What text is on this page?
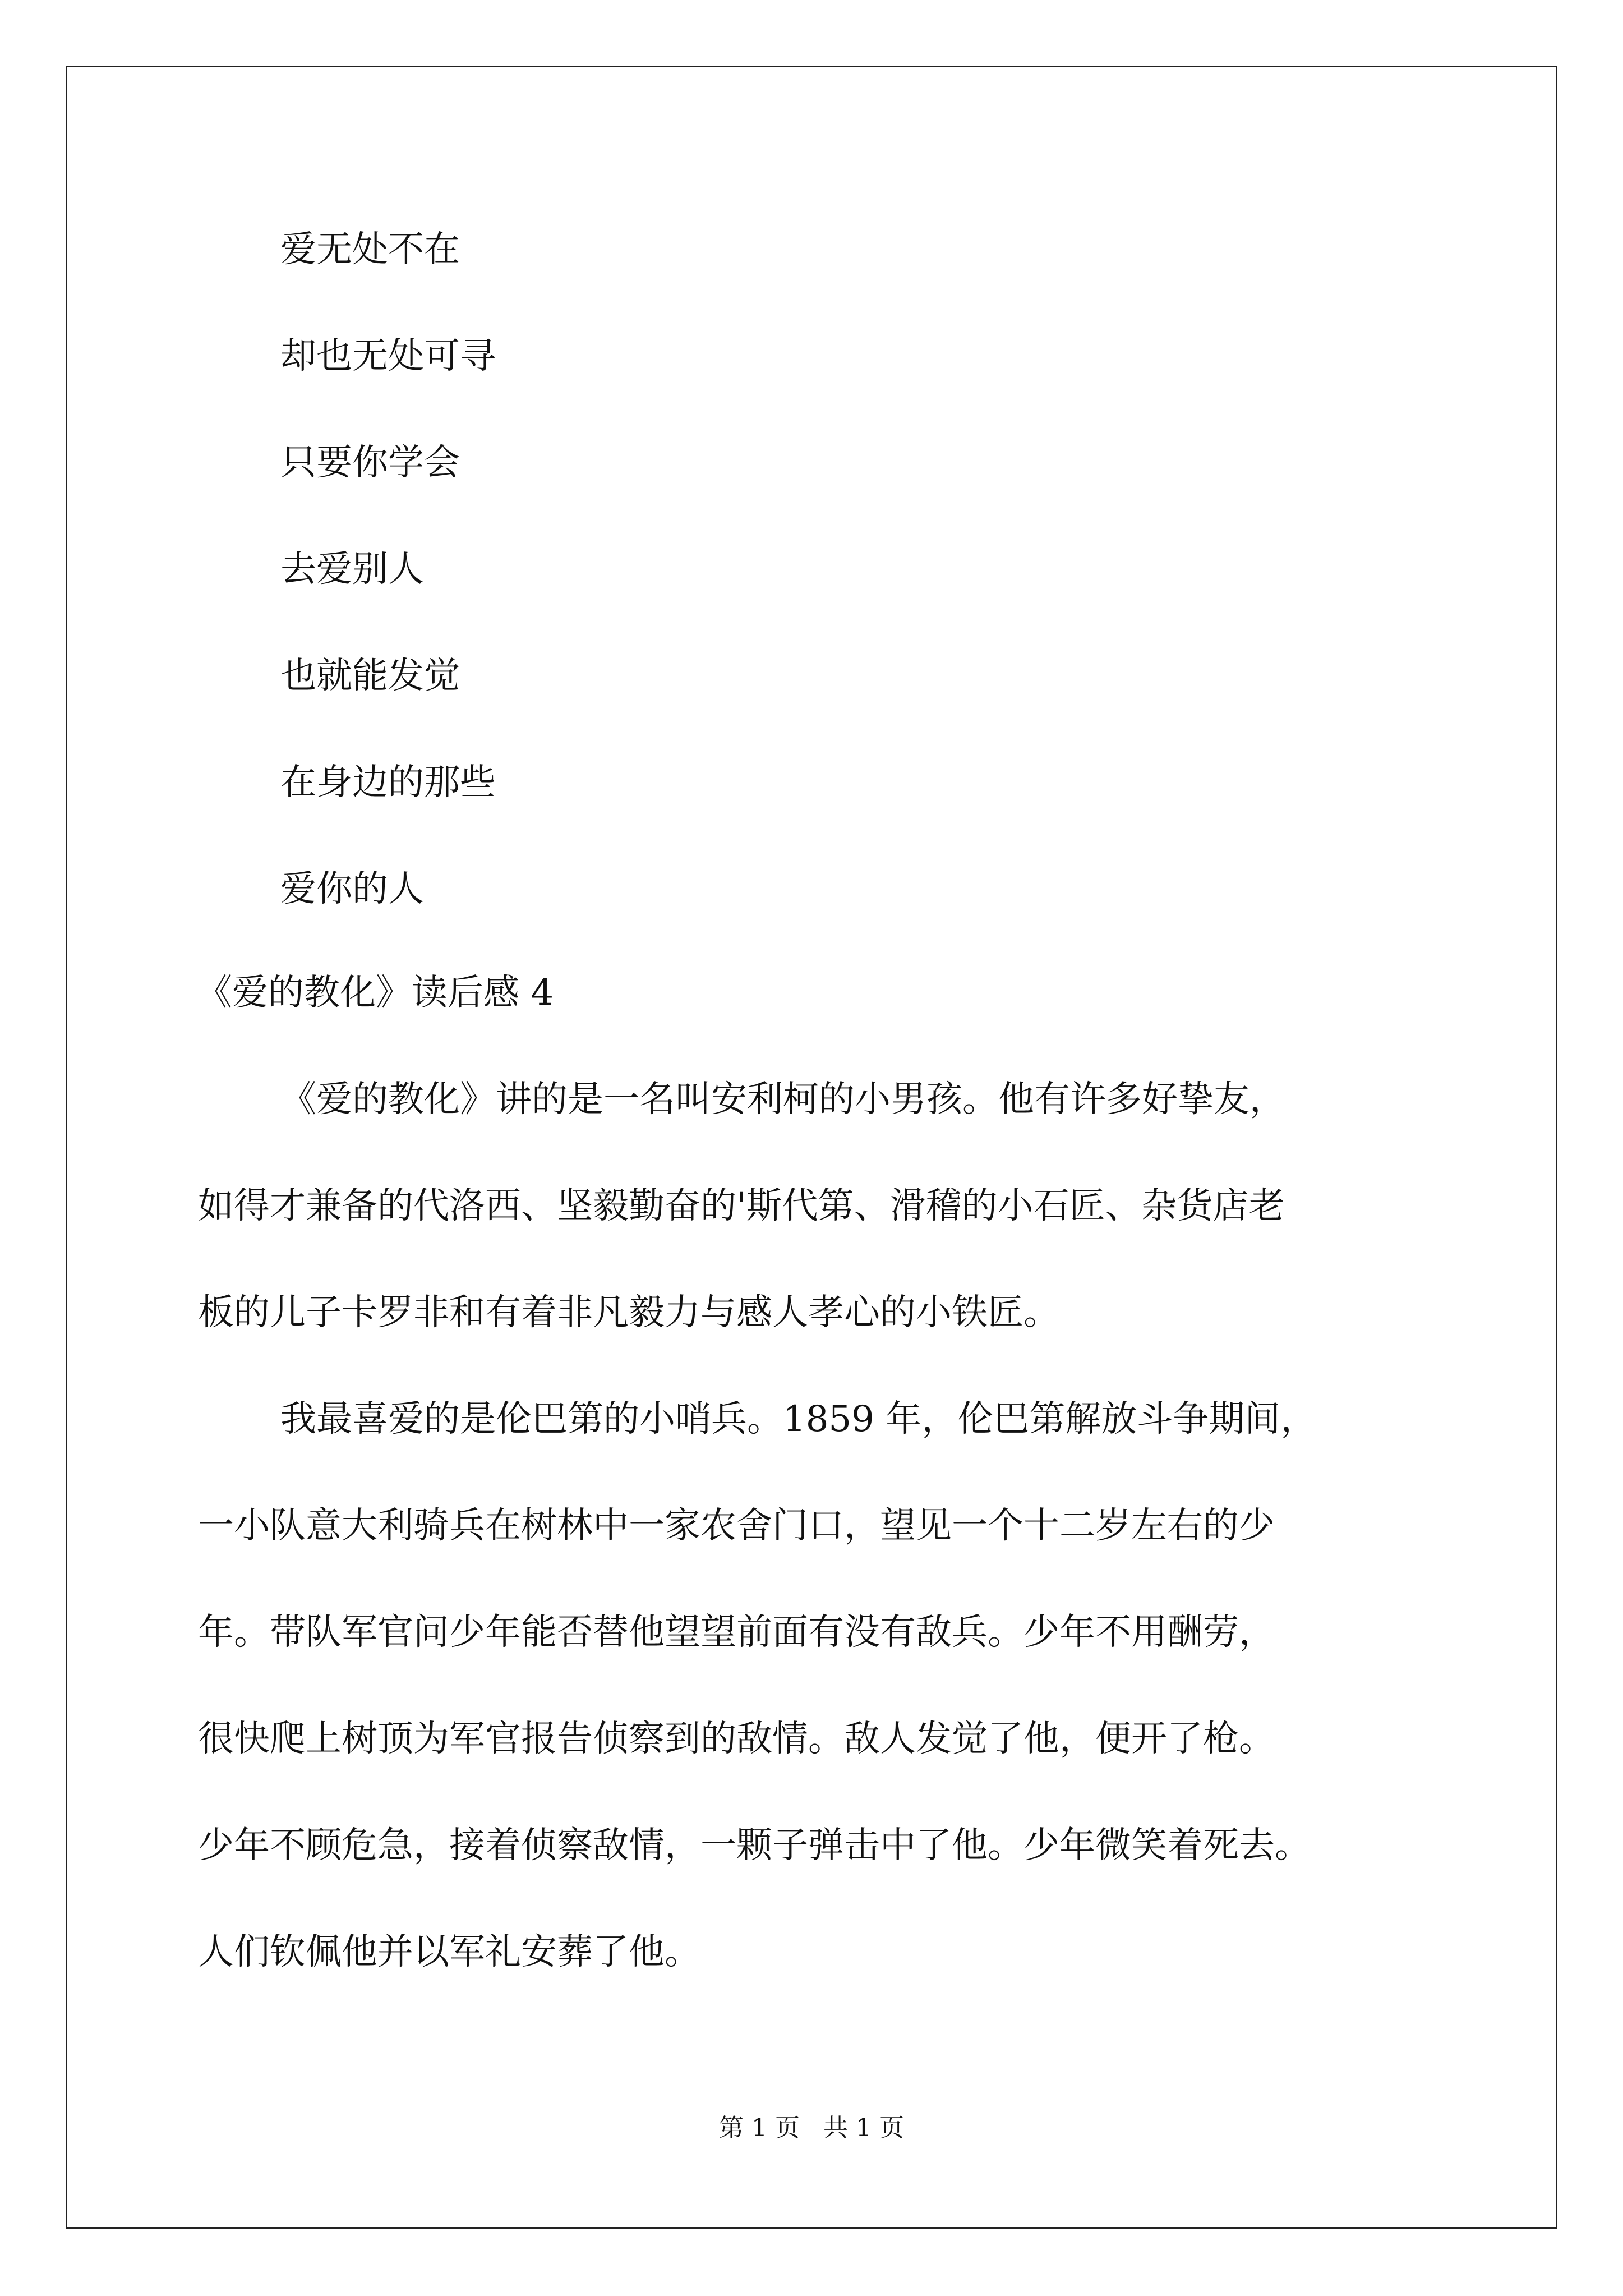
爱无处不在
却也无处可寻
只要你学会
去爱别人
也就能发觉
在身边的那些
爱你的人
《爱的教化》读后感 4
《爱的教化》讲的是一名叫安利柯的小男孩。他有许多好挚友，
如得才兼备的代洛西、坚毅勤奋的'斯代第、滑稽的小石匠、杂货店老
板的儿子卡罗非和有着非凡毅力与感人孝心的小铁匠。
我最喜爱的是伦巴第的小哨兵。1859 年，伦巴第解放斗争期间，
一小队意大利骑兵在树林中一家农舍门口，望见一个十二岁左右的少
年。带队军官问少年能否替他望望前面有没有敌兵。少年不用酬劳，
很快爬上树顶为军官报告侦察到的敌情。敌人发觉了他，便开了枪。
少年不顾危急，接着侦察敌情，一颗子弹击中了他。少年微笑着死去。
人们钦佩他并以军礼安葬了他。
第 1 页   共 1 页
